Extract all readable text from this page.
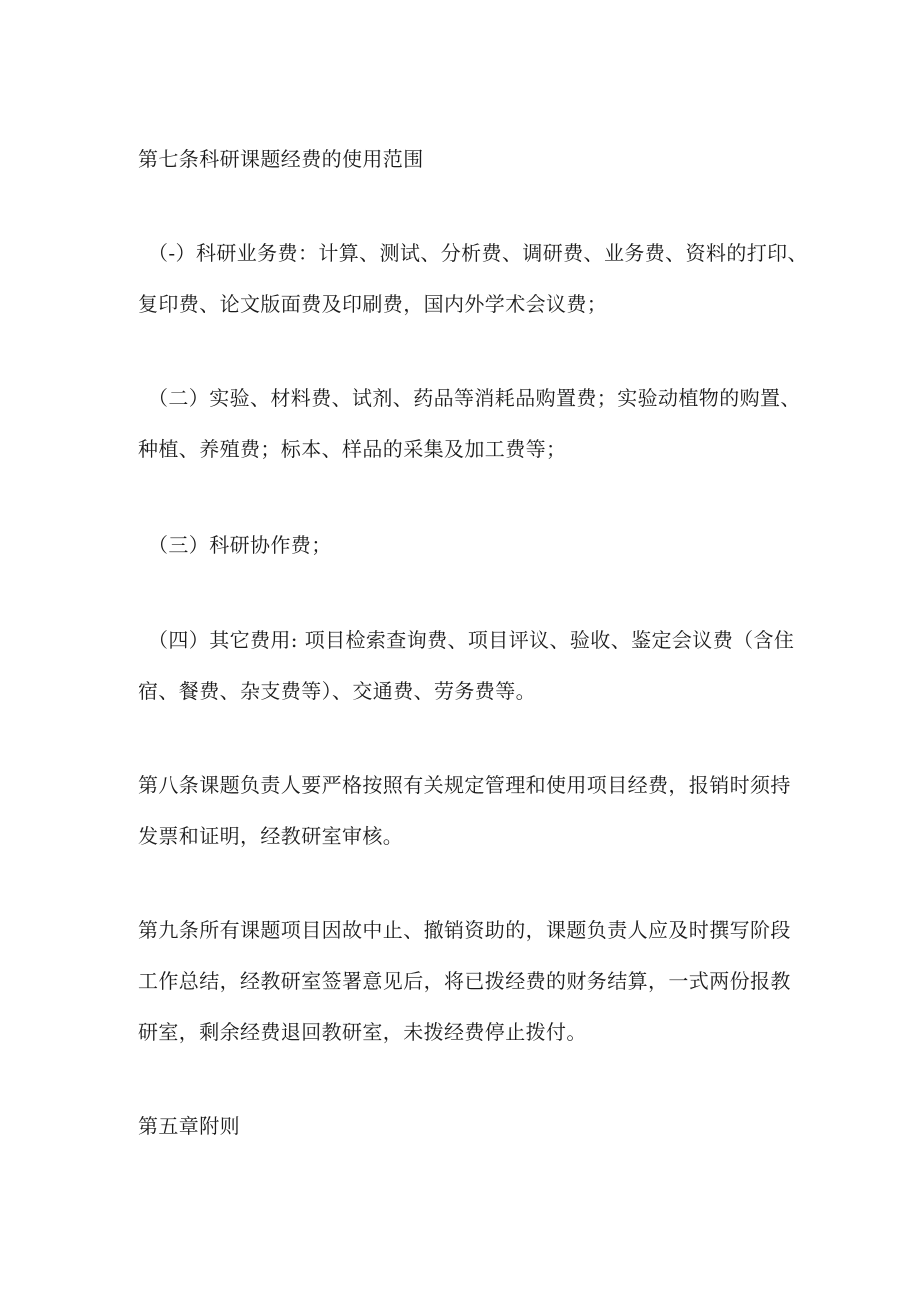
第七条科研课题经费的使用范围

（-）科研业务费：计算、测试、分析费、调研费、业务费、资料的打印、

复印费、论文版面费及印刷费，国内外学术会议费；

（二）实验、材料费、试剂、药品等消耗品购置费；实验动植物的购置、

种植、养殖费；标本、样品的采集及加工费等；

（三）科研协作费；

（四）其它费用: 项目检索查询费、项目评议、验收、鉴定会议费（含住

宿、餐费、杂支费等）、交通费、劳务费等。

第八条课题负责人要严格按照有关规定管理和使用项目经费，报销时须持

发票和证明，经教研室审核。

第九条所有课题项目因故中止、撤销资助的，课题负责人应及时撰写阶段

工作总结，经教研室签署意见后，将已拨经费的财务结算，一式两份报教

研室，剩余经费退回教研室，未拨经费停止拨付。

第五章附则
